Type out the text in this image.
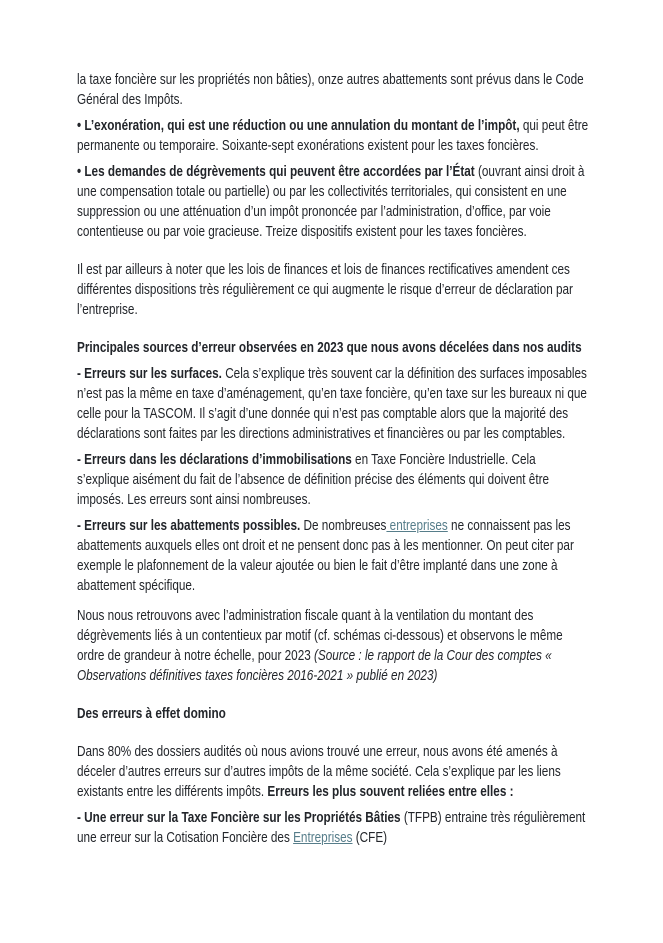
la taxe foncière sur les propriétés non bâties), onze autres abattements sont prévus dans le Code Général des Impôts.

• L’exonération, qui est une réduction ou une annulation du montant de l’impôt, qui peut être permanente ou temporaire. Soixante-sept exonérations existent pour les taxes foncières.

• Les demandes de dégrèvements qui peuvent être accordées par l’État (ouvrant ainsi droit à une compensation totale ou partielle) ou par les collectivités territoriales, qui consistent en une suppression ou une atténuation d’un impôt prononcée par l’administration, d’office, par voie contentieuse ou par voie gracieuse. Treize dispositifs existent pour les taxes foncières.

Il est par ailleurs à noter que les lois de finances et lois de finances rectificatives amendent ces différentes dispositions très régulièrement ce qui augmente le risque d’erreur de déclaration par l’entreprise.

Principales sources d’erreur observées en 2023 que nous avons décelées dans nos audits

- Erreurs sur les surfaces. Cela s’explique très souvent car la définition des surfaces imposables n’est pas la même en taxe d’aménagement, qu’en taxe foncière, qu’en taxe sur les bureaux ni que celle pour la TASCOM. Il s’agit d’une donnée qui n’est pas comptable alors que la majorité des déclarations sont faites par les directions administratives et financières ou par les comptables.

- Erreurs dans les déclarations d’immobilisations en Taxe Foncière Industrielle. Cela s’explique aisément du fait de l’absence de définition précise des éléments qui doivent être imposés. Les erreurs sont ainsi nombreuses.

- Erreurs sur les abattements possibles. De nombreuses entreprises ne connaissent pas les abattements auxquels elles ont droit et ne pensent donc pas à les mentionner. On peut citer par exemple le plafonnement de la valeur ajoutée ou bien le fait d’être implanté dans une zone à abattement spécifique.

Nous nous retrouvons avec l’administration fiscale quant à la ventilation du montant des dégrèvements liés à un contentieux par motif (cf. schémas ci-dessous) et observons le même ordre de grandeur à notre échelle, pour 2023 (Source : le rapport de la Cour des comptes « Observations définitives taxes foncières 2016-2021 » publié en 2023)

Des erreurs à effet domino

Dans 80% des dossiers audités où nous avions trouvé une erreur, nous avons été amenés à déceler d’autres erreurs sur d’autres impôts de la même société. Cela s’explique par les liens existants entre les différents impôts. Erreurs les plus souvent reliées entre elles :

- Une erreur sur la Taxe Foncière sur les Propriétés Bâties (TFPB) entraine très régulièrement une erreur sur la Cotisation Foncière des Entreprises (CFE)
